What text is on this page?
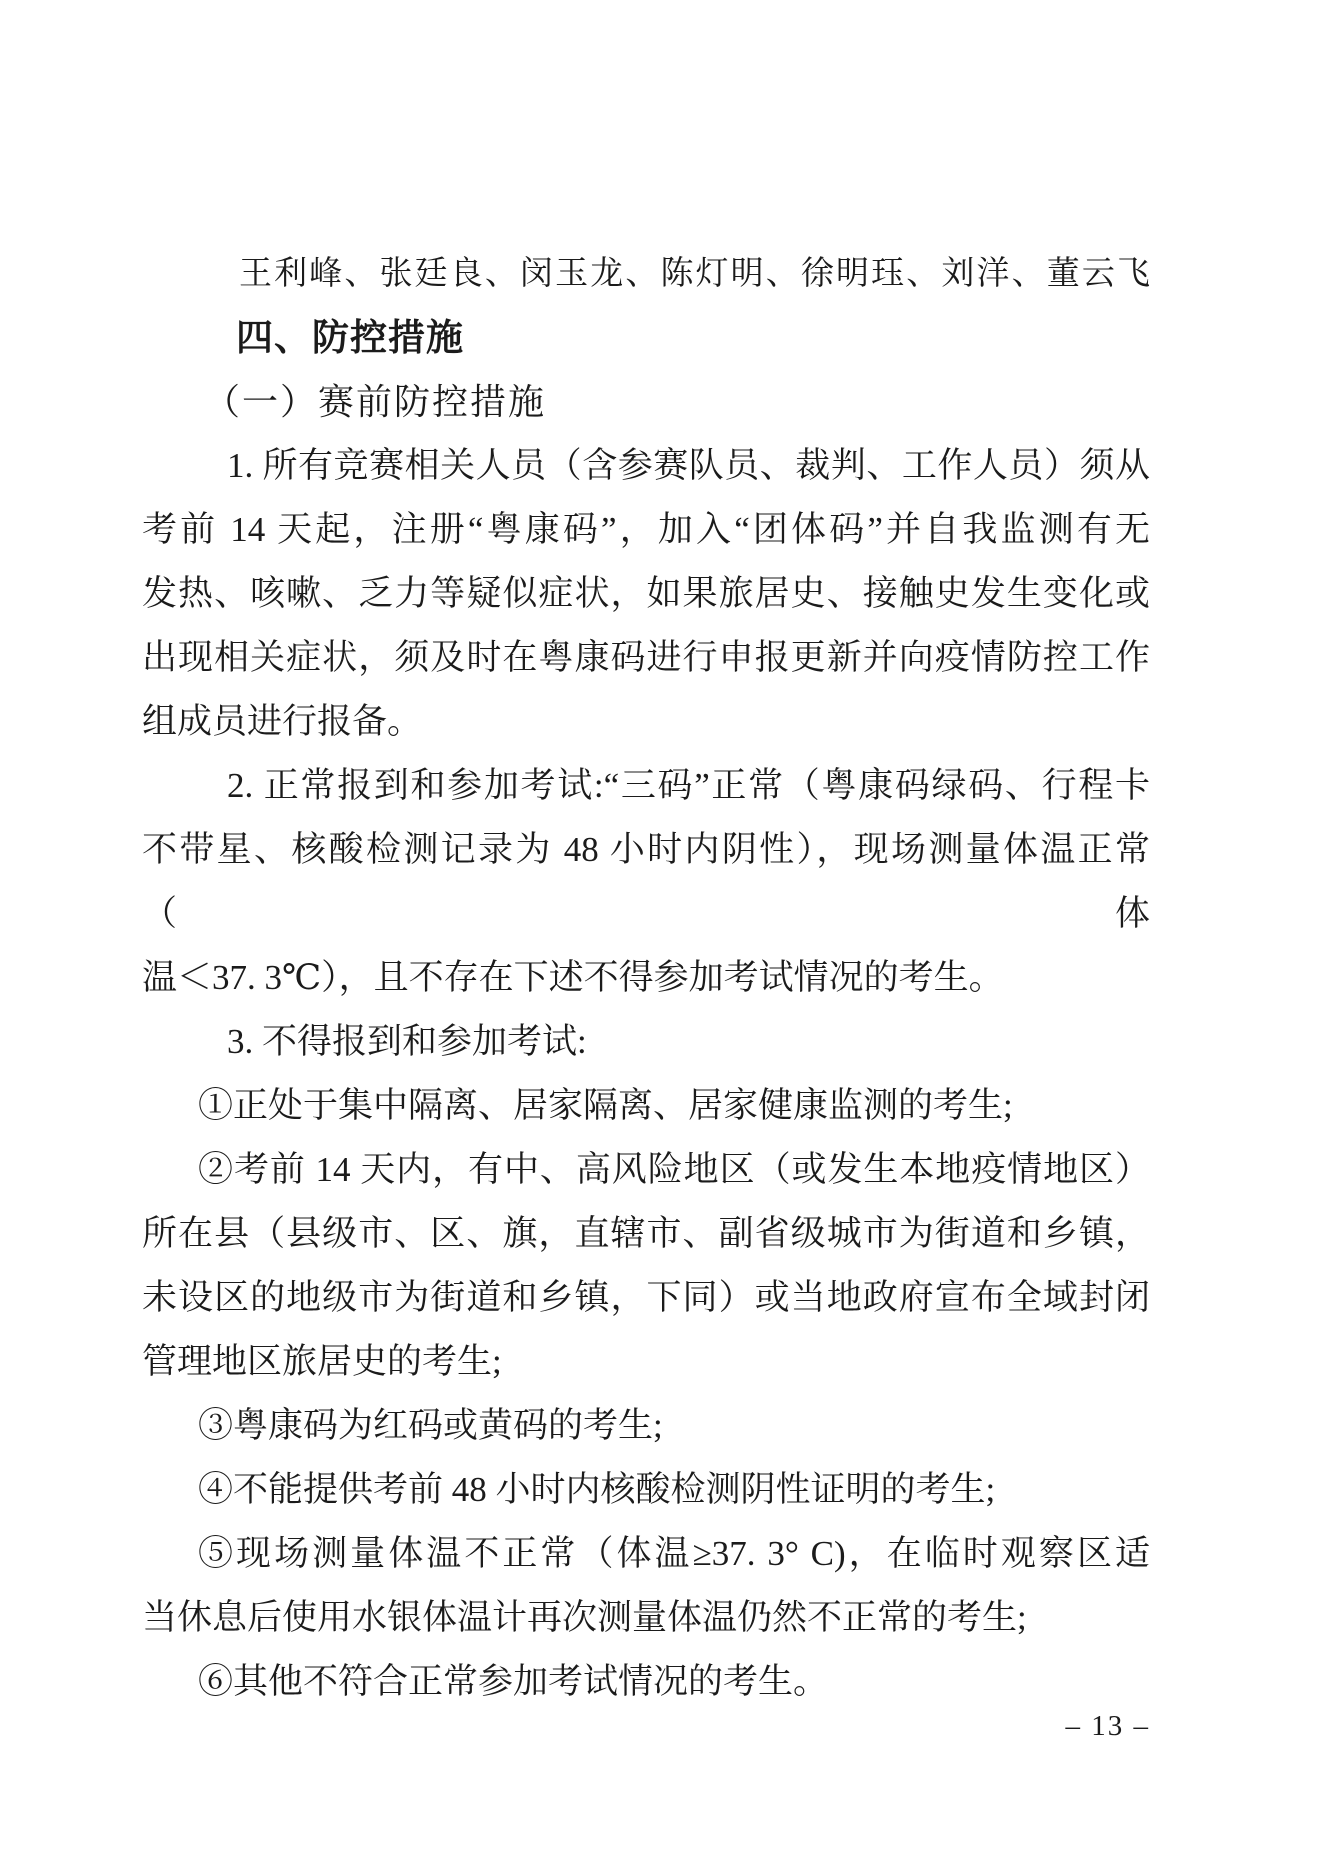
王利峰、张廷良、闵玉龙、陈灯明、徐明珏、刘洋、董云飞
四、防控措施
（一）赛前防控措施
1. 所有竞赛相关人员（含参赛队员、裁判、工作人员）须从
考前 14 天起，注册“粤康码”，加入“团体码”并自我监测有无
发热、咳嗽、乏力等疑似症状，如果旅居史、接触史发生变化或
出现相关症状，须及时在粤康码进行申报更新并向疫情防控工作
组成员进行报备。
2. 正常报到和参加考试:“三码”正常（粤康码绿码、行程卡
不带星、核酸检测记录为 48 小时内阴性），现场测量体温正常（体
温＜37. 3℃），且不存在下述不得参加考试情况的考生。
3. 不得报到和参加考试:
①正处于集中隔离、居家隔离、居家健康监测的考生;
②考前 14 天内，有中、高风险地区（或发生本地疫情地区）
所在县（县级市、区、旗，直辖市、副省级城市为街道和乡镇，
未设区的地级市为街道和乡镇，下同）或当地政府宣布全域封闭
管理地区旅居史的考生;
③粤康码为红码或黄码的考生;
④不能提供考前 48 小时内核酸检测阴性证明的考生;
⑤现场测量体温不正常（体温≥37. 3° C)，在临时观察区适
当休息后使用水银体温计再次测量体温仍然不正常的考生;
⑥其他不符合正常参加考试情况的考生。
– 13 –
